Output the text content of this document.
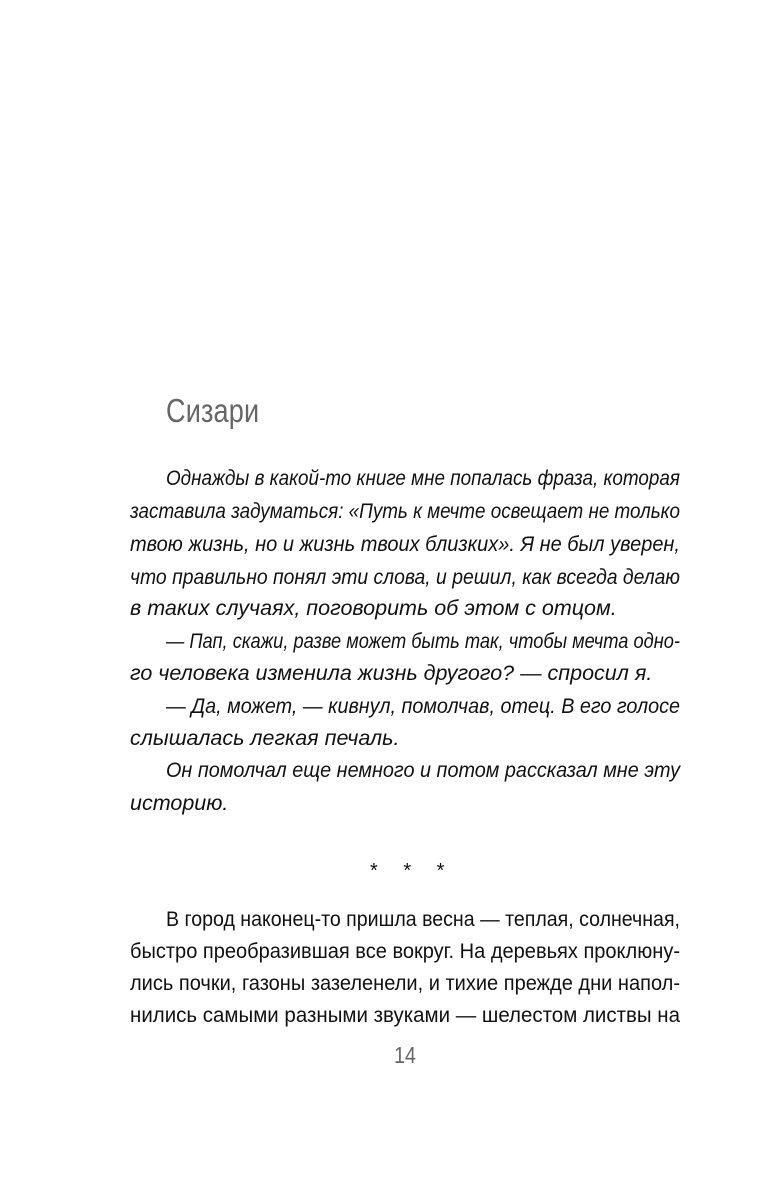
Сизари
Однажды в какой-то книге мне попалась фраза, которая
заставила задуматься: «Путь к мечте освещает не только
твою жизнь, но и жизнь твоих близких». Я не был уверен,
что правильно понял эти слова, и решил, как всегда делаю
в таких случаях, поговорить об этом с отцом.
— Пап, скажи, разве может быть так, чтобы мечта одно-
го человека изменила жизнь другого? — спросил я.
— Да, может, — кивнул, помолчав, отец. В его голосе
слышалась легкая печаль.
Он помолчал еще немного и потом рассказал мне эту
историю.
* * *
В город наконец-то пришла весна — теплая, солнечная,
быстро преобразившая все вокруг. На деревьях проклюну-
лись почки, газоны зазеленели, и тихие прежде дни напол-
нились самыми разными звуками — шелестом листвы на
14
